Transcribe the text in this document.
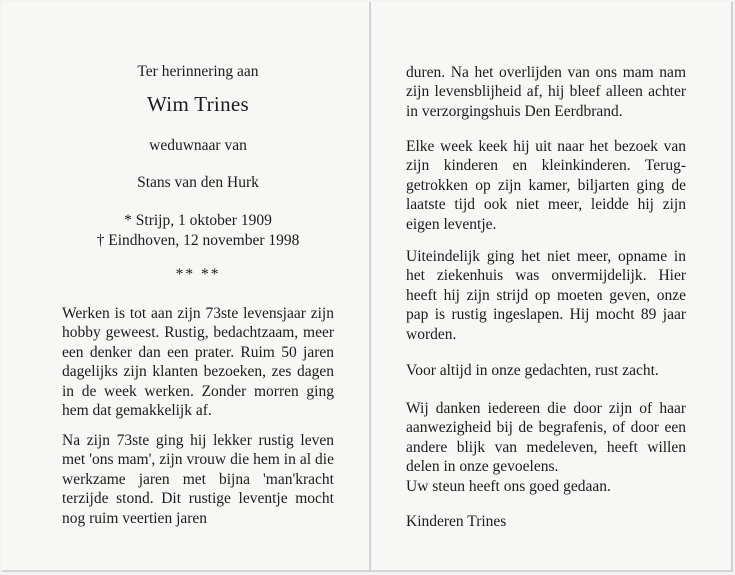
Ter herinnering aan
Wim Trines
weduwnaar van
Stans van den Hurk
* Strijp, 1 oktober 1909
† Eindhoven, 12 november 1998
** **

Werken is tot aan zijn 73ste levensjaar zijn hobby geweest. Rustig, bedachtzaam, meer een denker dan een prater. Ruim 50 jaren dagelijks zijn klanten bezoeken, zes dagen in de week werken. Zonder morren ging hem dat gemakkelijk af.

Na zijn 73ste ging hij lekker rustig leven met 'ons mam', zijn vrouw die hem in al die werkzame jaren met bijna 'man'kracht terzijde stond. Dit rustige leventje mocht nog ruim veertien jaren

duren. Na het overlijden van ons mam nam zijn levensblijheid af, hij bleef alleen achter in verzorgingshuis Den Eerdbrand.

Elke week keek hij uit naar het bezoek van zijn kinderen en kleinkinderen. Terug-getrokken op zijn kamer, biljarten ging de laatste tijd ook niet meer, leidde hij zijn eigen leventje.

Uiteindelijk ging het niet meer, opname in het ziekenhuis was onvermijdelijk. Hier heeft hij zijn strijd op moeten geven, onze pap is rustig ingeslapen. Hij mocht 89 jaar worden.

Voor altijd in onze gedachten, rust zacht.

Wij danken iedereen die door zijn of haar aanwezigheid bij de begrafenis, of door een andere blijk van medeleven, heeft willen delen in onze gevoelens.

Uw steun heeft ons goed gedaan.

Kinderen Trines
